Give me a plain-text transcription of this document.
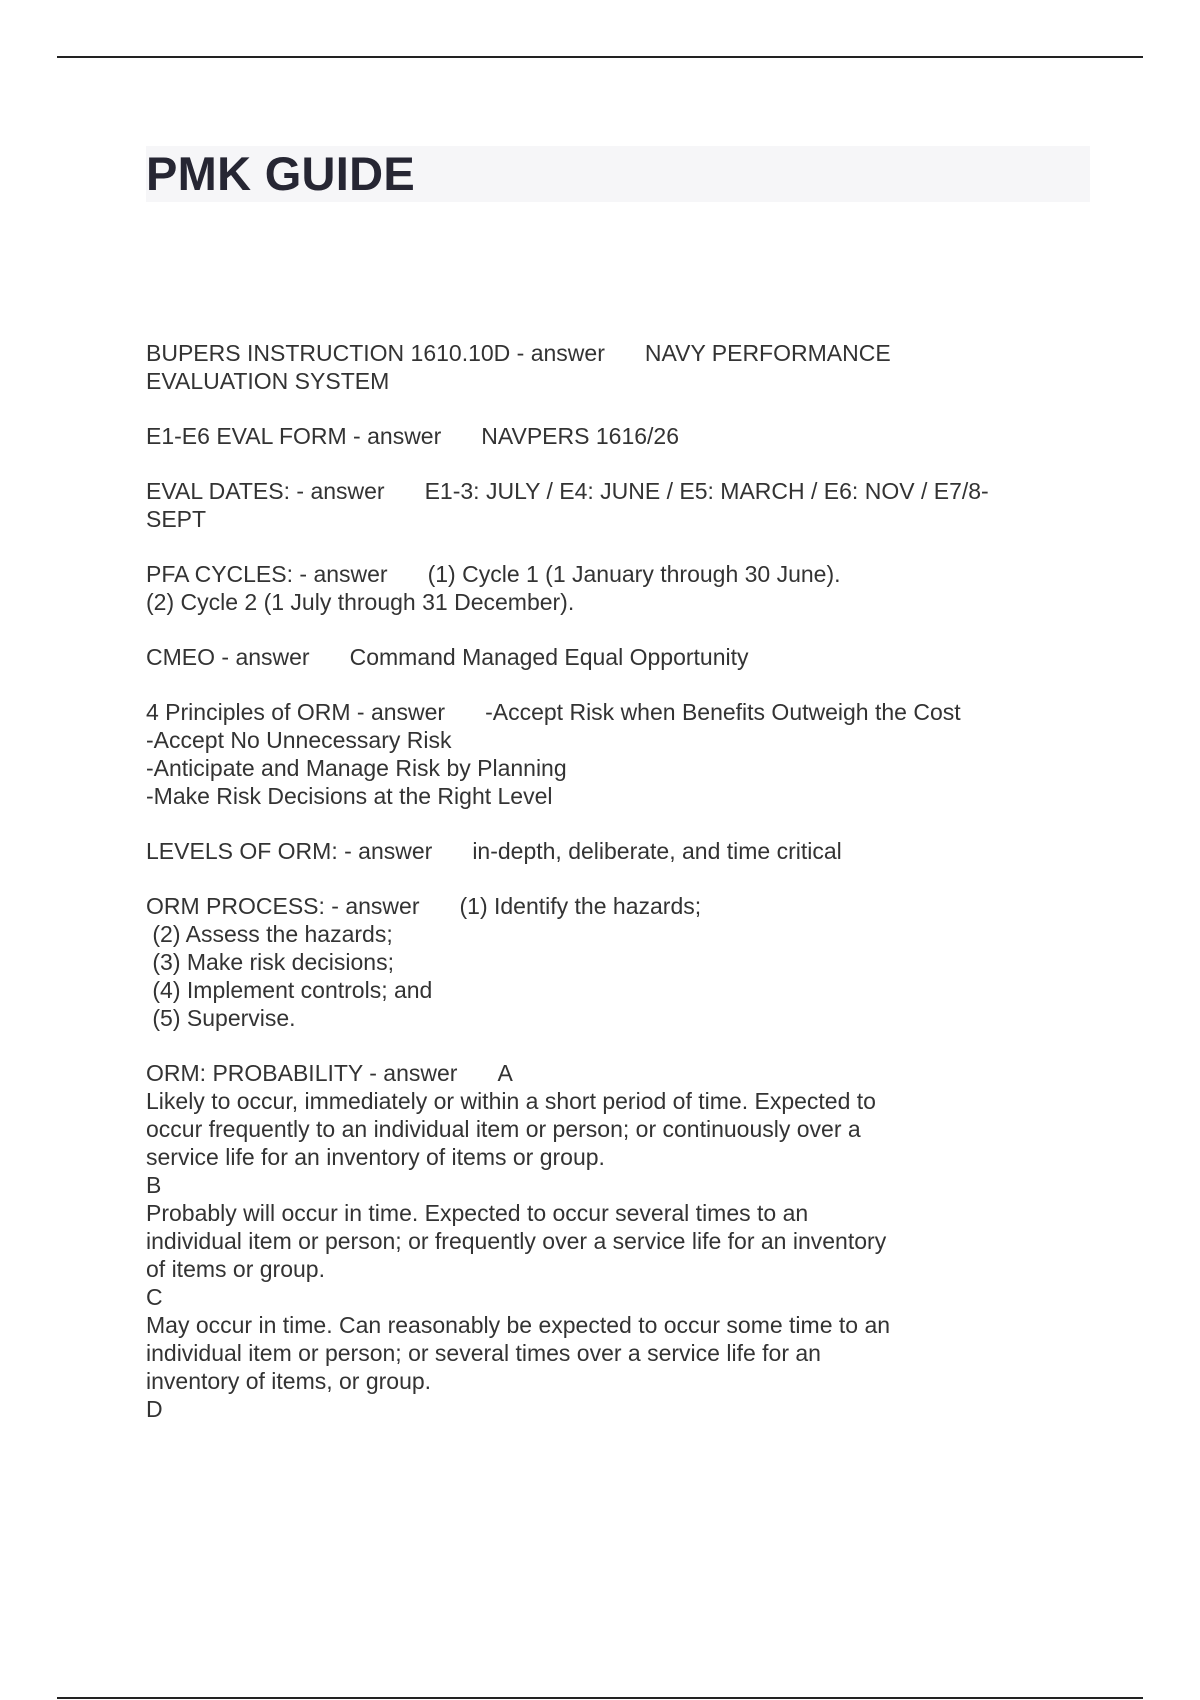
PMK GUIDE
BUPERS INSTRUCTION 1610.10D - answer NAVY PERFORMANCE
EVALUATION SYSTEM
E1-E6 EVAL FORM - answer NAVPERS 1616/26
EVAL DATES: - answer E1-3: JULY / E4: JUNE / E5: MARCH / E6: NOV / E7/8-
SEPT
PFA CYCLES: - answer (1) Cycle 1 (1 January through 30 June).
(2) Cycle 2 (1 July through 31 December).
CMEO - answer Command Managed Equal Opportunity
4 Principles of ORM - answer -Accept Risk when Benefits Outweigh the Cost
-Accept No Unnecessary Risk
-Anticipate and Manage Risk by Planning
-Make Risk Decisions at the Right Level
LEVELS OF ORM: - answer in-depth, deliberate, and time critical
ORM PROCESS: - answer (1) Identify the hazards;
(2) Assess the hazards;
(3) Make risk decisions;
(4) Implement controls; and
(5) Supervise.
ORM: PROBABILITY - answer A
Likely to occur, immediately or within a short period of time. Expected to
occur frequently to an individual item or person; or continuously over a
service life for an inventory of items or group.
B
Probably will occur in time. Expected to occur several times to an
individual item or person; or frequently over a service life for an inventory
of items or group.
C
May occur in time. Can reasonably be expected to occur some time to an
individual item or person; or several times over a service life for an
inventory of items, or group.
D
